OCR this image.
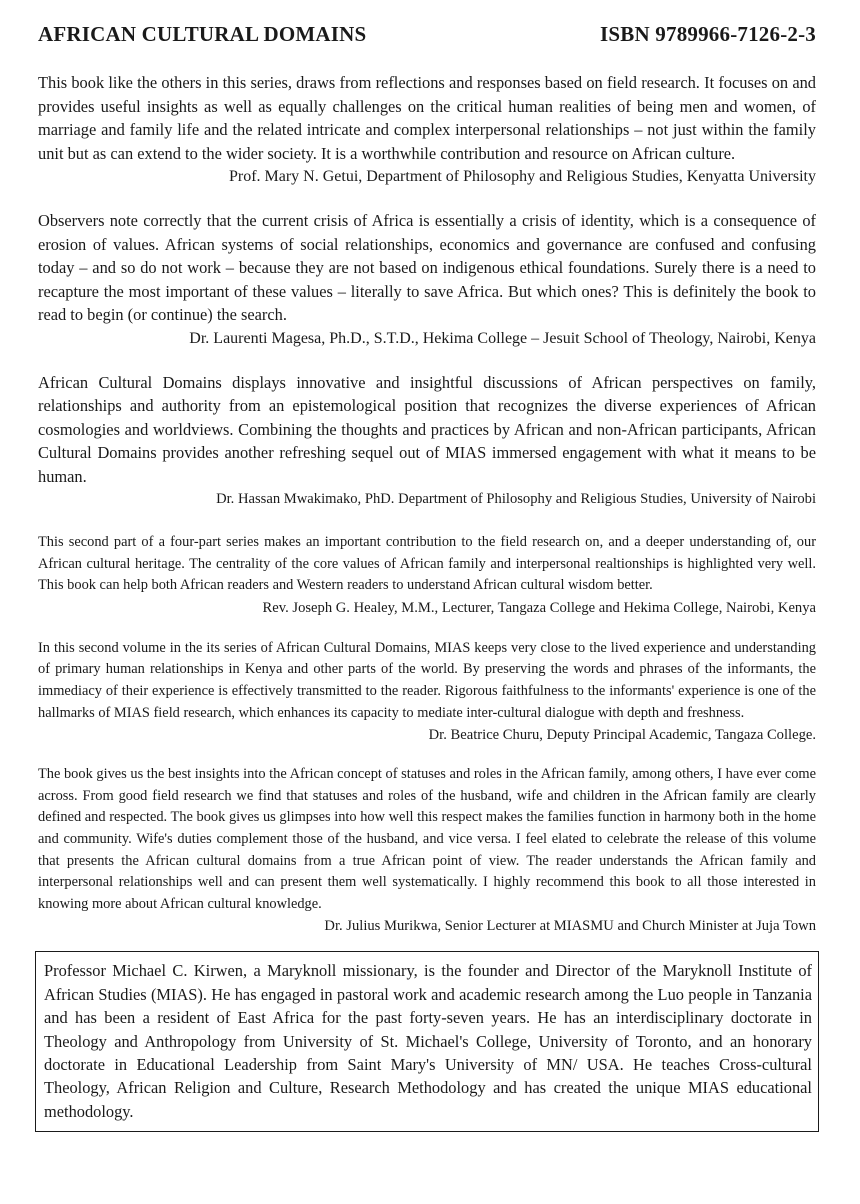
AFRICAN CULTURAL DOMAINS	ISBN 9789966-7126-2-3

This book like the others in this series, draws from reflections and responses based on field research. It focuses on and provides useful insights as well as equally challenges on the critical human realities of being men and women, of marriage and family life and the related intricate and complex interpersonal relationships – not just within the family unit but as can extend to the wider society. It is a worthwhile contribution and resource on African culture.

Prof. Mary N. Getui, Department of Philosophy and Religious Studies, Kenyatta University

Observers note correctly that the current crisis of Africa is essentially a crisis of identity, which is a consequence of erosion of values. African systems of social relationships, economics and governance are confused and confusing today – and so do not work – because they are not based on indigenous ethical foundations. Surely there is a need to recapture the most important of these values – literally to save Africa. But which ones? This is definitely the book to read to begin (or continue) the search.

Dr. Laurenti Magesa, Ph.D., S.T.D., Hekima College – Jesuit School of Theology, Nairobi, Kenya

African Cultural Domains displays innovative and insightful discussions of African perspectives on family, relationships and authority from an epistemological position that recognizes the diverse experiences of African cosmologies and worldviews. Combining the thoughts and practices by African and non-African participants, African Cultural Domains provides another refreshing sequel out of MIAS immersed engagement with what it means to be human.

Dr. Hassan Mwakimako, PhD. Department of Philosophy and Religious Studies, University of Nairobi

This second part of a four-part series makes an important contribution to the field research on, and a deeper understanding of, our African cultural heritage. The centrality of the core values of African family and interpersonal realtionships is highlighted very well. This book can help both African readers and Western readers to understand African cultural wisdom better.

Rev. Joseph G. Healey, M.M., Lecturer, Tangaza College and Hekima College, Nairobi, Kenya

In this second volume in the its series of African Cultural Domains, MIAS keeps very close to the lived experience and understanding of primary human relationships in Kenya and other parts of the world. By preserving the words and phrases of the informants, the immediacy of their experience is effectively transmitted to the reader. Rigorous faithfulness to the informants' experience is one of the hallmarks of MIAS field research, which enhances its capacity to mediate inter-cultural dialogue with depth and freshness.

Dr. Beatrice Churu, Deputy Principal Academic, Tangaza College.

The book gives us the best insights into the African concept of statuses and roles in the African family, among others, I have ever come across. From good field research we find that statuses and roles of the husband, wife and children in the African family are clearly defined and respected. The book gives us glimpses into how well this respect makes the families function in harmony both in the home and community. Wife's duties complement those of the husband, and vice versa. I feel elated to celebrate the release of this volume that presents the African cultural domains from a true African point of view. The reader understands the African family and interpersonal relationships well and can present them well systematically. I highly recommend this book to all those interested in knowing more about African cultural knowledge.

Dr. Julius Murikwa, Senior Lecturer at MIASMU and Church Minister at Juja Town

Professor Michael C. Kirwen, a Maryknoll missionary, is the founder and Director of the Maryknoll Institute of African Studies (MIAS). He has engaged in pastoral work and academic research among the Luo people in Tanzania and has been a resident of East Africa for the past forty-seven years. He has an interdisciplinary doctorate in Theology and Anthropology from University of St. Michael's College, University of Toronto, and an honorary doctorate in Educational Leadership from Saint Mary's University of MN/ USA. He teaches Cross-cultural Theology, African Religion and Culture, Research Methodology and has created the unique MIAS educational methodology.
